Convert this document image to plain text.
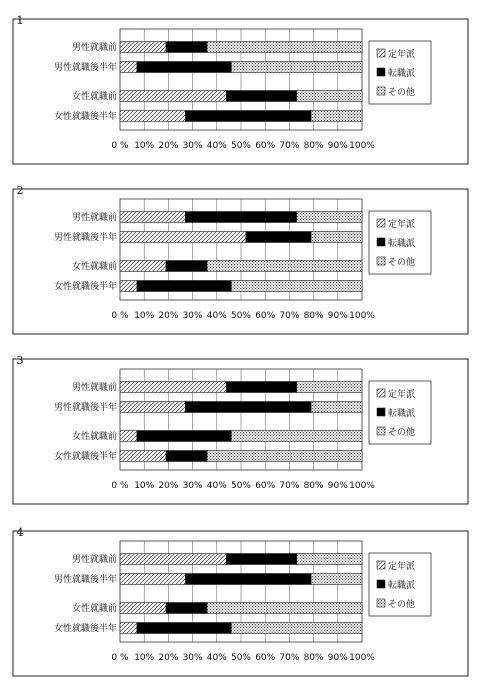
1
男性就職前
男性就職後半年
女性就職前
女性就職後半年
0 % 10% 20% 30% 40% 50% 60% 70% 80% 90% 100%
定年派
転職派
その他
2
男性就職前
男性就職後半年
女性就職前
女性就職後半年
0 % 10% 20% 30% 40% 50% 60% 70% 80% 90% 100%
定年派
転職派
その他
3
男性就職前
男性就職後半年
女性就職前
女性就職後半年
0 % 10% 20% 30% 40% 50% 60% 70% 80% 90% 100%
定年派
転職派
その他
4
男性就職前
男性就職後半年
女性就職前
女性就職後半年
0 % 10% 20% 30% 40% 50% 60% 70% 80% 90% 100%
定年派
転職派
その他
